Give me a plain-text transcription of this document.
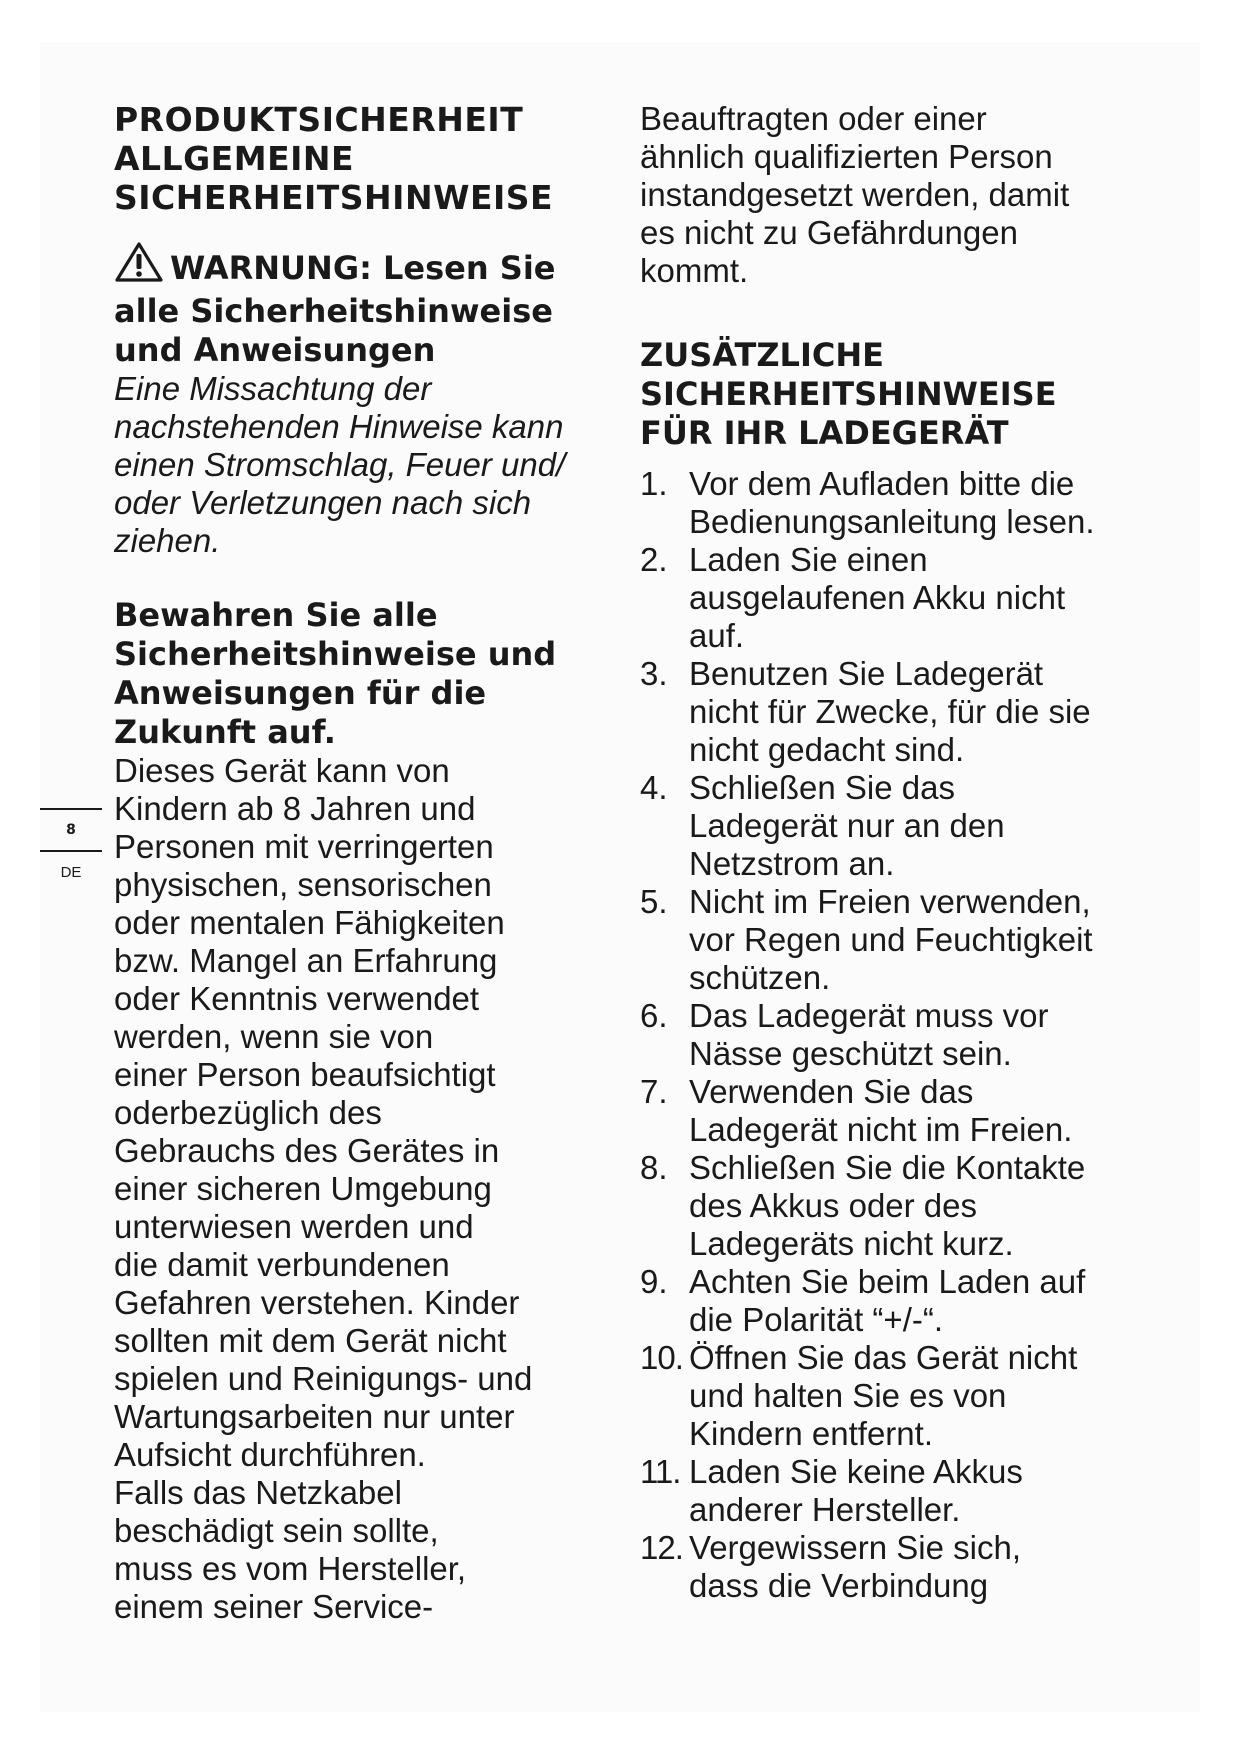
PRODUKTSICHERHEIT
ALLGEMEINE
SICHERHEITSHINWEISE
WARNUNG: Lesen Sie
alle Sicherheitshinweise
und Anweisungen
Eine Missachtung der
nachstehenden Hinweise kann
einen Stromschlag, Feuer und/
oder Verletzungen nach sich
ziehen.
Bewahren Sie alle
Sicherheitshinweise und
Anweisungen für die
Zukunft auf.
Dieses Gerät kann von
Kindern ab 8 Jahren und
Personen mit verringerten
physischen, sensorischen
oder mentalen Fähigkeiten
bzw. Mangel an Erfahrung
oder Kenntnis verwendet
werden, wenn sie von
einer Person beaufsichtigt
oderbezüglich des
Gebrauchs des Gerätes in
einer sicheren Umgebung
unterwiesen werden und
die damit verbundenen
Gefahren verstehen. Kinder
sollten mit dem Gerät nicht
spielen und Reinigungs- und
Wartungsarbeiten nur unter
Aufsicht durchführen.
Falls das Netzkabel
beschädigt sein sollte,
muss es vom Hersteller,
einem seiner Service-
Beauftragten oder einer
ähnlich qualifizierten Person
instandgesetzt werden, damit
es nicht zu Gefährdungen
kommt.
ZUSÄTZLICHE
SICHERHEITSHINWEISE
FÜR IHR LADEGERÄT
1. Vor dem Aufladen bitte die
Bedienungsanleitung lesen.
2. Laden Sie einen
ausgelaufenen Akku nicht
auf.
3. Benutzen Sie Ladegerät
nicht für Zwecke, für die sie
nicht gedacht sind.
4. Schließen Sie das
Ladegerät nur an den
Netzstrom an.
5. Nicht im Freien verwenden,
vor Regen und Feuchtigkeit
schützen.
6. Das Ladegerät muss vor
Nässe geschützt sein.
7. Verwenden Sie das
Ladegerät nicht im Freien.
8. Schließen Sie die Kontakte
des Akkus oder des
Ladegeräts nicht kurz.
9. Achten Sie beim Laden auf
die Polarität “+/-“.
10. Öffnen Sie das Gerät nicht
und halten Sie es von
Kindern entfernt.
11. Laden Sie keine Akkus
anderer Hersteller.
12. Vergewissern Sie sich,
dass die Verbindung
8
DE
